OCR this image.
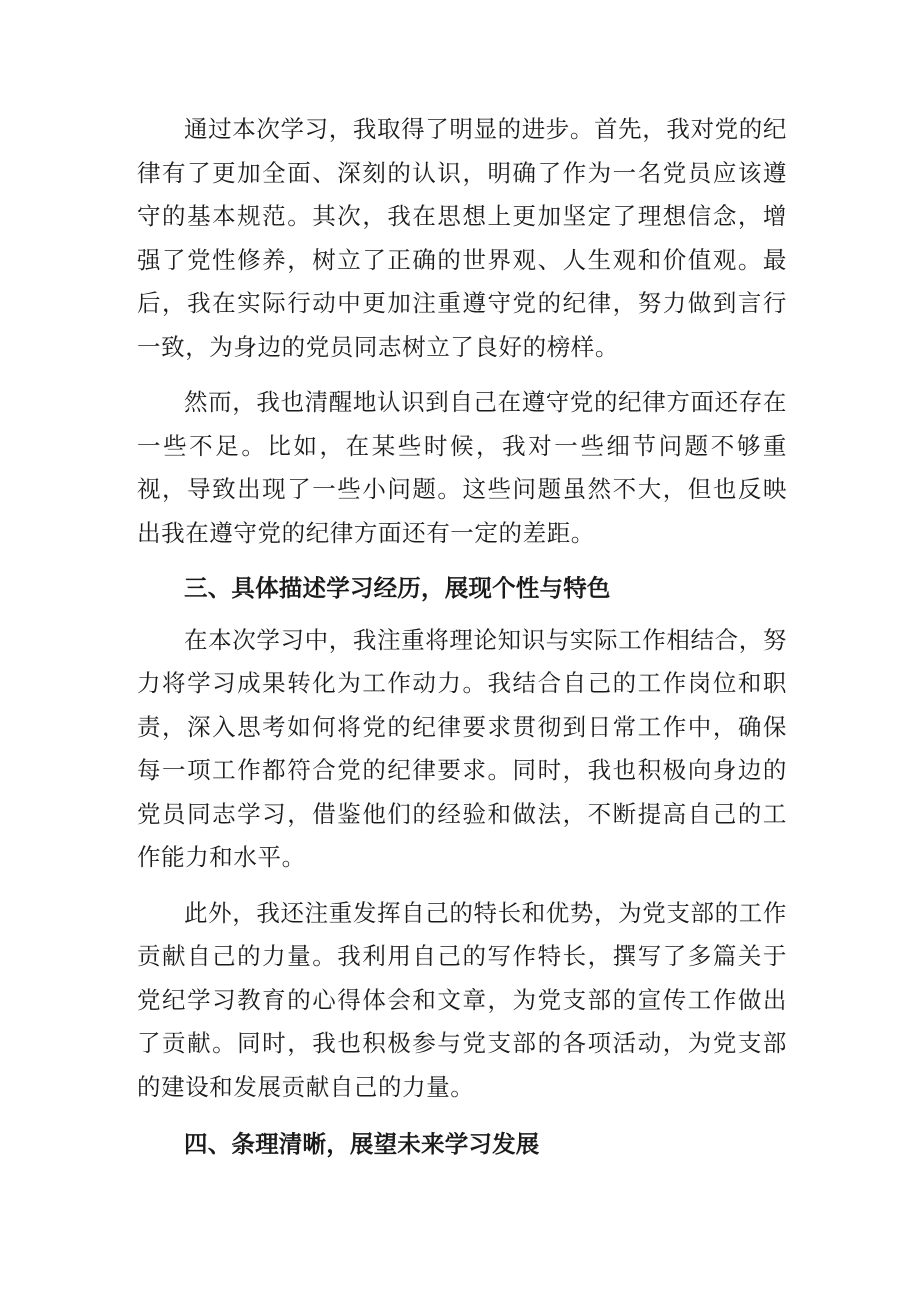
通过本次学习，我取得了明显的进步。首先，我对党的纪律有了更加全面、深刻的认识，明确了作为一名党员应该遵守的基本规范。其次，我在思想上更加坚定了理想信念，增强了党性修养，树立了正确的世界观、人生观和价值观。最后，我在实际行动中更加注重遵守党的纪律，努力做到言行一致，为身边的党员同志树立了良好的榜样。

然而，我也清醒地认识到自己在遵守党的纪律方面还存在一些不足。比如，在某些时候，我对一些细节问题不够重视，导致出现了一些小问题。这些问题虽然不大，但也反映出我在遵守党的纪律方面还有一定的差距。

三、具体描述学习经历，展现个性与特色

在本次学习中，我注重将理论知识与实际工作相结合，努力将学习成果转化为工作动力。我结合自己的工作岗位和职责，深入思考如何将党的纪律要求贯彻到日常工作中，确保每一项工作都符合党的纪律要求。同时，我也积极向身边的党员同志学习，借鉴他们的经验和做法，不断提高自己的工作能力和水平。

此外，我还注重发挥自己的特长和优势，为党支部的工作贡献自己的力量。我利用自己的写作特长，撰写了多篇关于党纪学习教育的心得体会和文章，为党支部的宣传工作做出了贡献。同时，我也积极参与党支部的各项活动，为党支部的建设和发展贡献自己的力量。

四、条理清晰，展望未来学习发展
